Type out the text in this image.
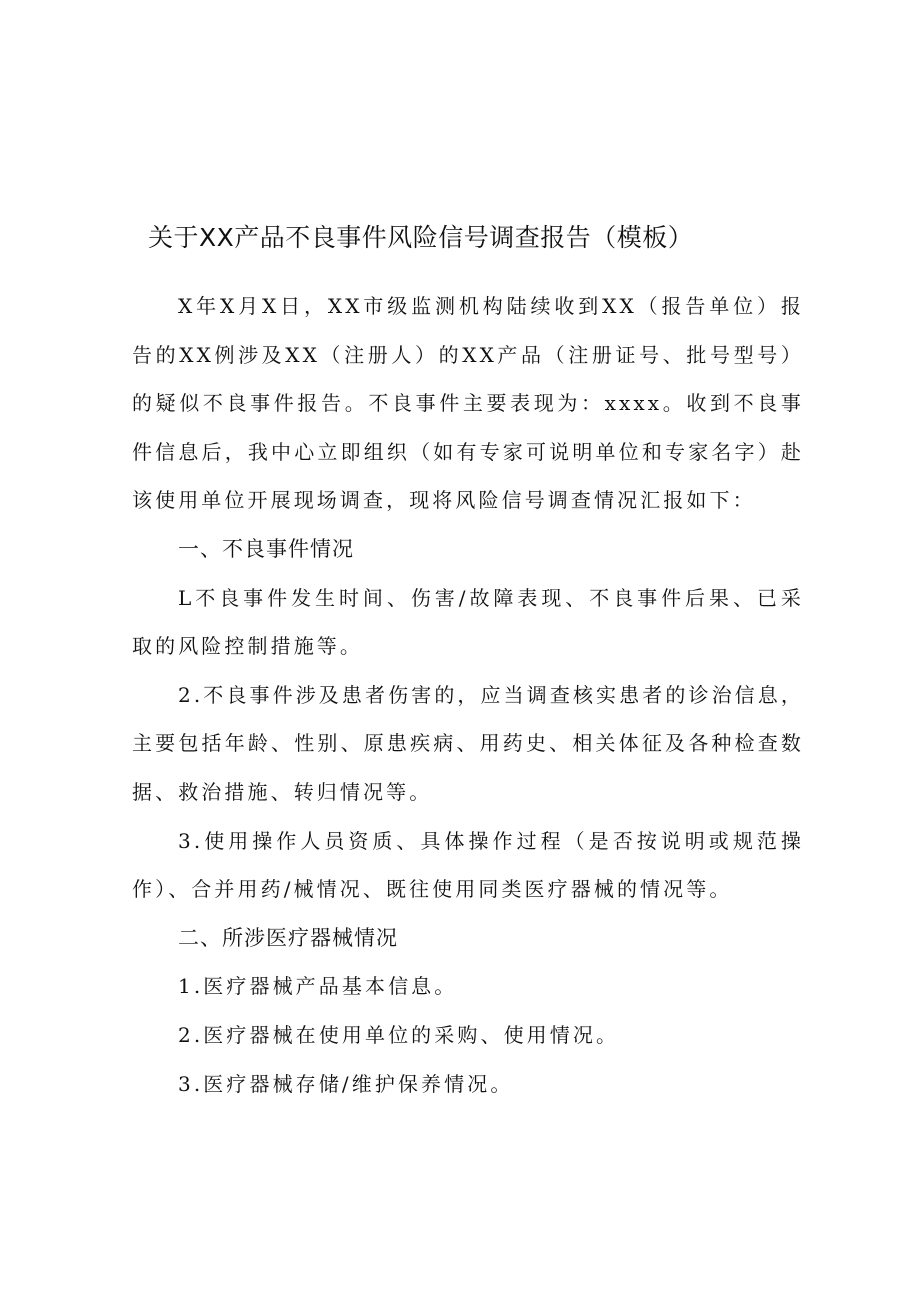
关于XX产品不良事件风险信号调查报告（模板）

X年X月X日，XX市级监测机构陆续收到XX（报告单位）报告的XX例涉及XX（注册人）的XX产品（注册证号、批号型号）的疑似不良事件报告。不良事件主要表现为：xxxx。收到不良事件信息后，我中心立即组织（如有专家可说明单位和专家名字）赴该使用单位开展现场调查，现将风险信号调查情况汇报如下：

一、不良事件情况

L不良事件发生时间、伤害/故障表现、不良事件后果、已采取的风险控制措施等。

2.不良事件涉及患者伤害的，应当调查核实患者的诊治信息，主要包括年龄、性别、原患疾病、用药史、相关体征及各种检查数据、救治措施、转归情况等。

3.使用操作人员资质、具体操作过程（是否按说明或规范操作）、合并用药/械情况、既往使用同类医疗器械的情况等。

二、所涉医疗器械情况

1.医疗器械产品基本信息。

2.医疗器械在使用单位的采购、使用情况。

3.医疗器械存储/维护保养情况。
